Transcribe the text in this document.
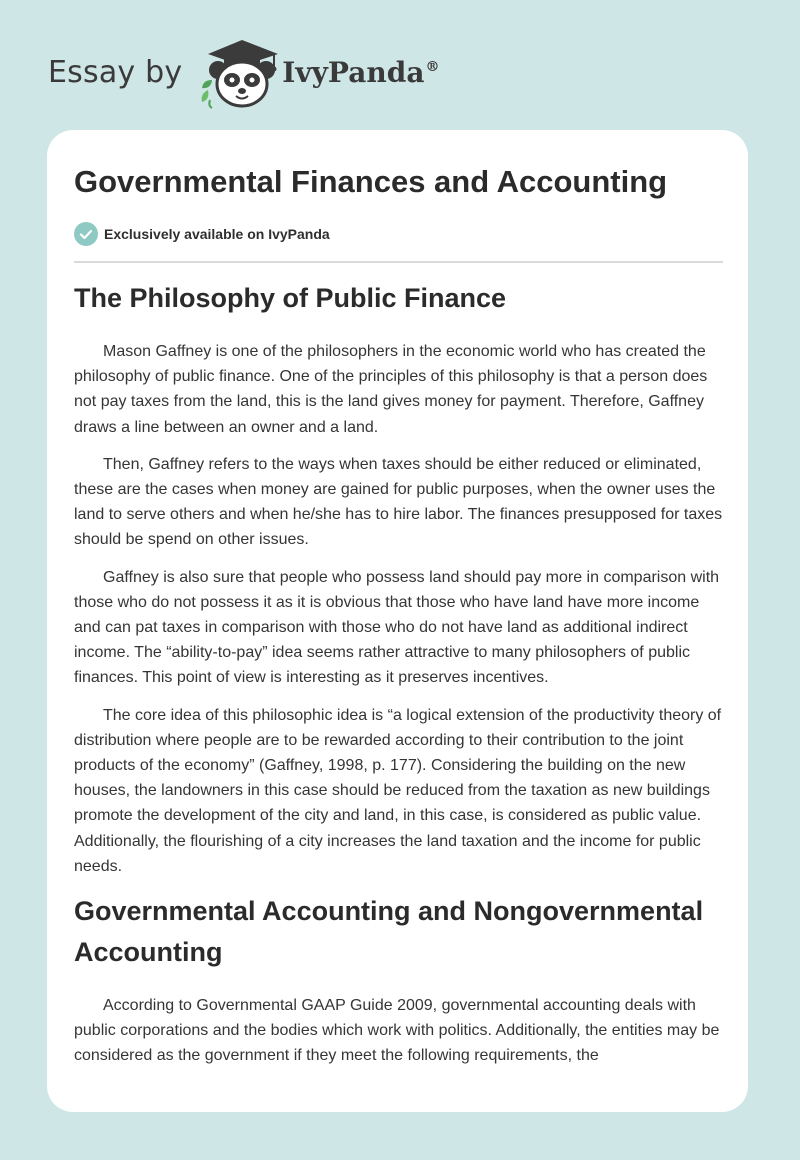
Essay by	IvyPanda®
Governmental Finances and Accounting
Exclusively available on IvyPanda
The Philosophy of Public Finance

Mason Gaffney is one of the philosophers in the economic world who has created the philosophy of public finance. One of the principles of this philosophy is that a person does not pay taxes from the land, this is the land gives money for payment. Therefore, Gaffney draws a line between an owner and a land.

Then, Gaffney refers to the ways when taxes should be either reduced or eliminated, these are the cases when money are gained for public purposes, when the owner uses the land to serve others and when he/she has to hire labor. The finances presupposed for taxes should be spend on other issues.

Gaffney is also sure that people who possess land should pay more in comparison with those who do not possess it as it is obvious that those who have land have more income and can pat taxes in comparison with those who do not have land as additional indirect income. The “ability-to-pay” idea seems rather attractive to many philosophers of public finances. This point of view is interesting as it preserves incentives.

The core idea of this philosophic idea is “a logical extension of the productivity theory of distribution where people are to be rewarded according to their contribution to the joint products of the economy” (Gaffney, 1998, p. 177). Considering the building on the new houses, the landowners in this case should be reduced from the taxation as new buildings promote the development of the city and land, in this case, is considered as public value. Additionally, the flourishing of a city increases the land taxation and the income for public needs.

Governmental Accounting and Nongovernmental Accounting

According to Governmental GAAP Guide 2009, governmental accounting deals with public corporations and the bodies which work with politics. Additionally, the entities may be considered as the government if they meet the following requirements, the
